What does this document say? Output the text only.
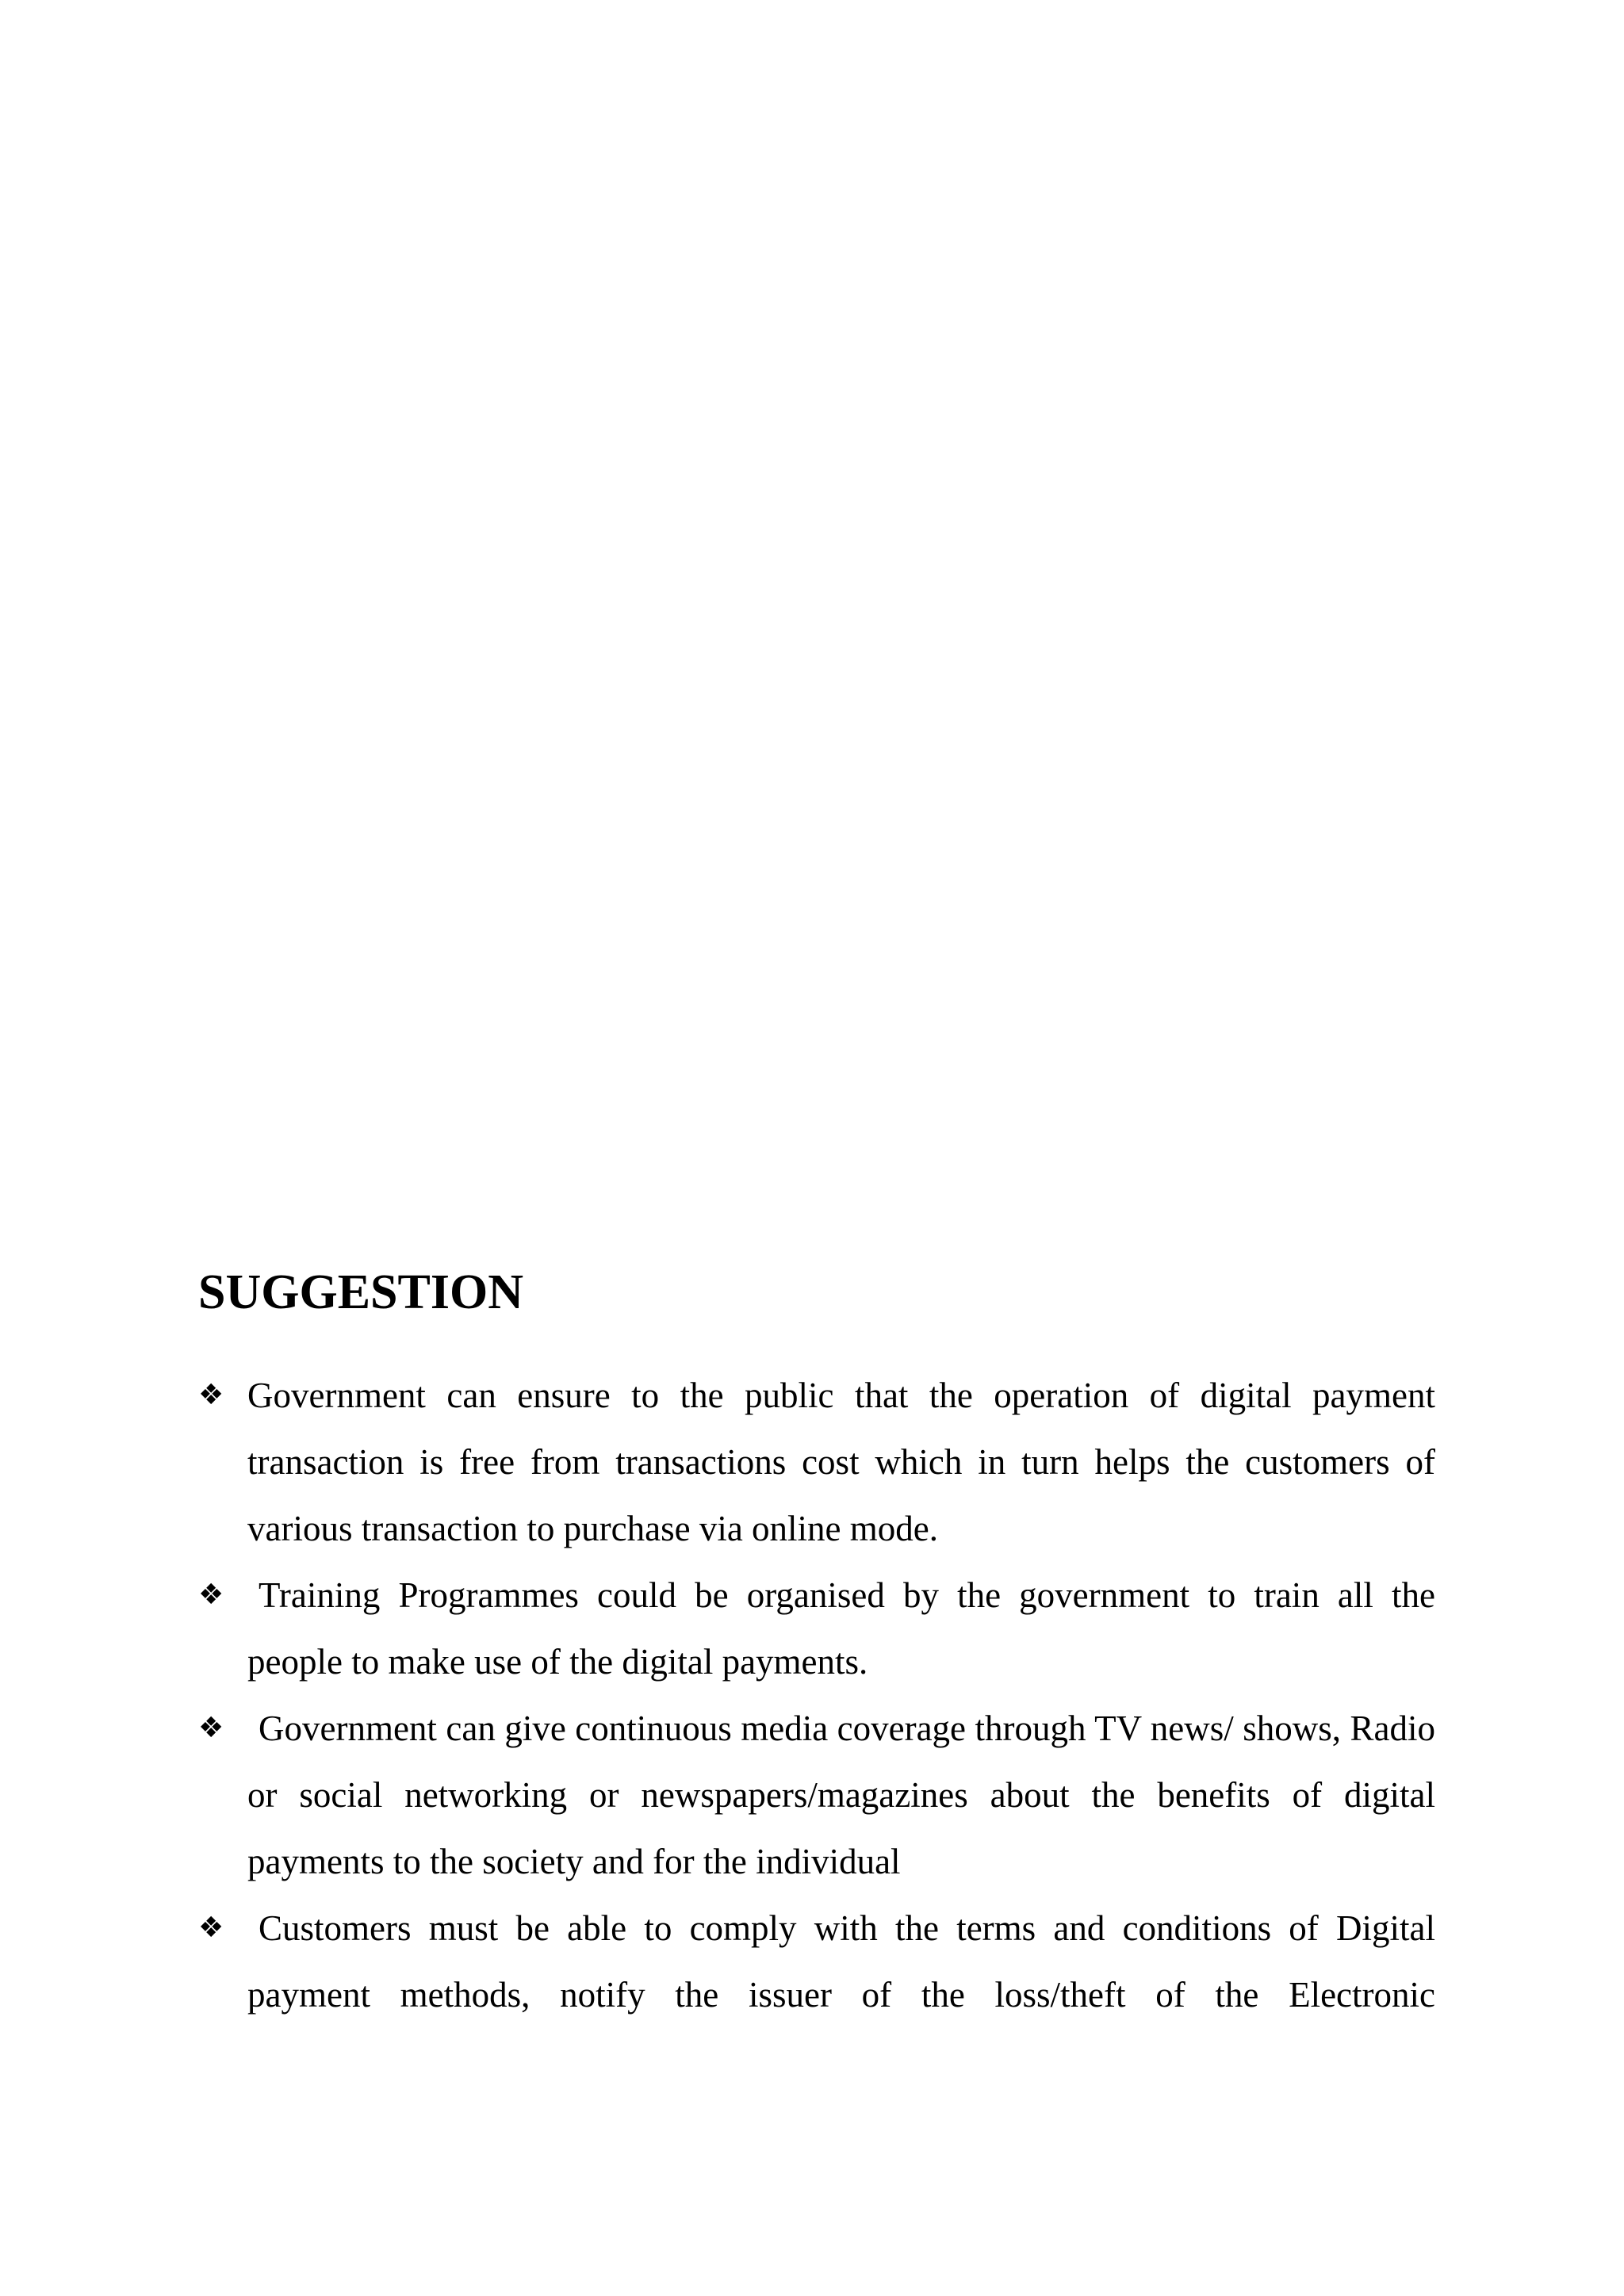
SUGGESTION
❖ Government can ensure to the public that the operation of digital payment transaction is free from transactions cost which in turn helps the customers of various transaction to purchase via online mode.
❖ Training Programmes could be organised by the government to train all the people to make use of the digital payments.
❖ Government can give continuous media coverage through TV news/ shows, Radio or social networking or newspapers/magazines about the benefits of digital payments to the society and for the individual
❖ Customers must be able to comply with the terms and conditions of Digital payment methods, notify the issuer of the loss/theft of the Electronic
